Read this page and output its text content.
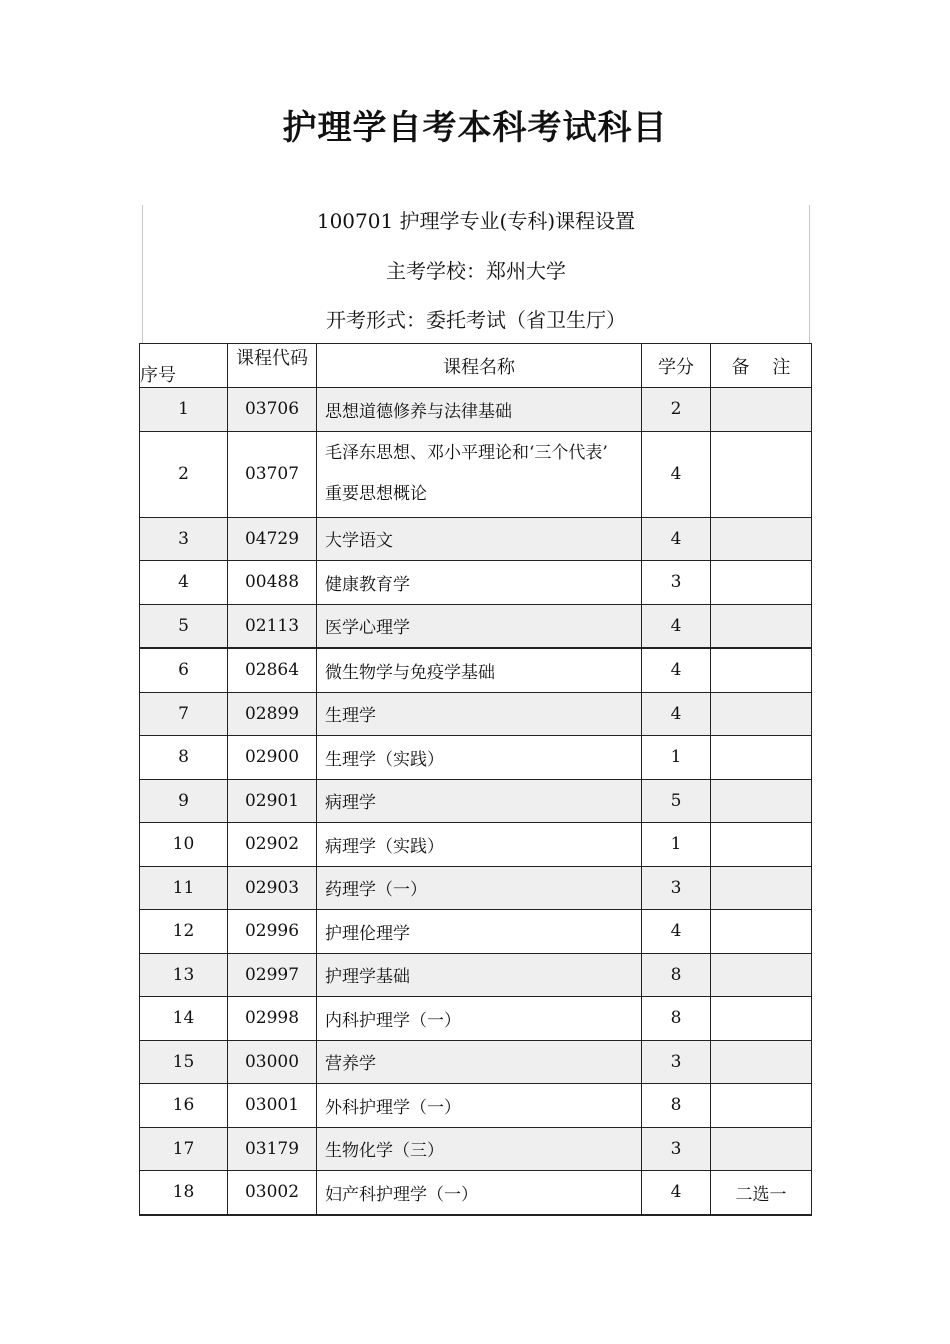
护理学自考本科考试科目
100701 护理学专业(专科)课程设置
主考学校：郑州大学
开考形式：委托考试（省卫生厅）
序号	课程代码	课程名称	学分	备    注
1	03706	思想道德修养与法律基础	2	
2	03707	毛泽东思想、邓小平理论和‘三个代表’
重要思想概论	4	
3	04729	大学语文	4	
4	00488	健康教育学	3	
5	02113	医学心理学	4	
6	02864	微生物学与免疫学基础	4	
7	02899	生理学	4	
8	02900	生理学（实践）	1	
9	02901	病理学	5	
10	02902	病理学（实践）	1	
11	02903	药理学（一）	3	
12	02996	护理伦理学	4	
13	02997	护理学基础	8	
14	02998	内科护理学（一）	8	
15	03000	营养学	3	
16	03001	外科护理学（一）	8	
17	03179	生物化学（三）	3	
18	03002	妇产科护理学（一）	4	二选一
